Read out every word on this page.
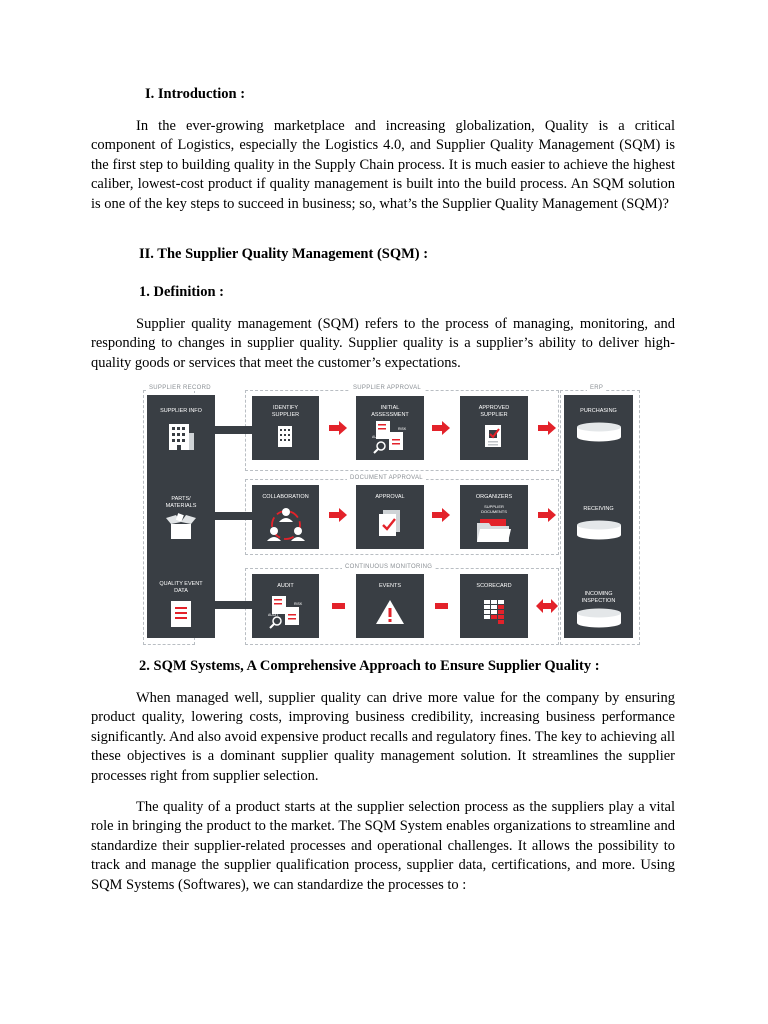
I. Introduction :

In the ever-growing marketplace and increasing globalization, Quality is a critical component of Logistics, especially the Logistics 4.0, and Supplier Quality Management (SQM) is the first step to building quality in the Supply Chain process. It is much easier to achieve the highest caliber, lowest-cost product if quality management is built into the build process. An SQM solution is one of the key steps to succeed in business; so, what’s the Supplier Quality Management (SQM)?

II. The Supplier Quality Management (SQM) :
1. Definition :

Supplier quality management (SQM) refers to the process of managing, monitoring, and responding to changes in supplier quality. Supplier quality is a supplier’s ability to deliver high-quality goods or services that meet the customer’s expectations.

SUPPLIER RECORD	SUPPLIER APPROVAL
DOCUMENT APPROVAL
CONTINUOUS MONITORING
ERP
SUPPLIER INFO
PARTS/ MATERIALS
QUALITY EVENT DATA
IDENTIFY SUPPLIER
INITIAL ASSESSMENT
AUDIT
RISK
APPROVED SUPPLIER
COLLABORATION	APPROVAL	ORGANIZERS
SUPPLIER DOCUMENTS
AUDIT
AUDIT
RISK
EVENTS	SCORECARD
PURCHASING
RECEIVING
INCOMING INSPECTION
2. SQM Systems, A Comprehensive Approach to Ensure Supplier Quality :

When managed well, supplier quality can drive more value for the company by ensuring product quality, lowering costs, improving business credibility, increasing business performance significantly. And also avoid expensive product recalls and regulatory fines. The key to achieving all these objectives is a dominant supplier quality management solution. It streamlines the supplier processes right from supplier selection.

The quality of a product starts at the supplier selection process as the suppliers play a vital role in bringing the product to the market. The SQM System enables organizations to streamline and standardize their supplier-related processes and operational challenges. It allows the possibility to track and manage the supplier qualification process, supplier data, certifications, and more. Using SQM Systems (Softwares), we can standardize the processes to :
